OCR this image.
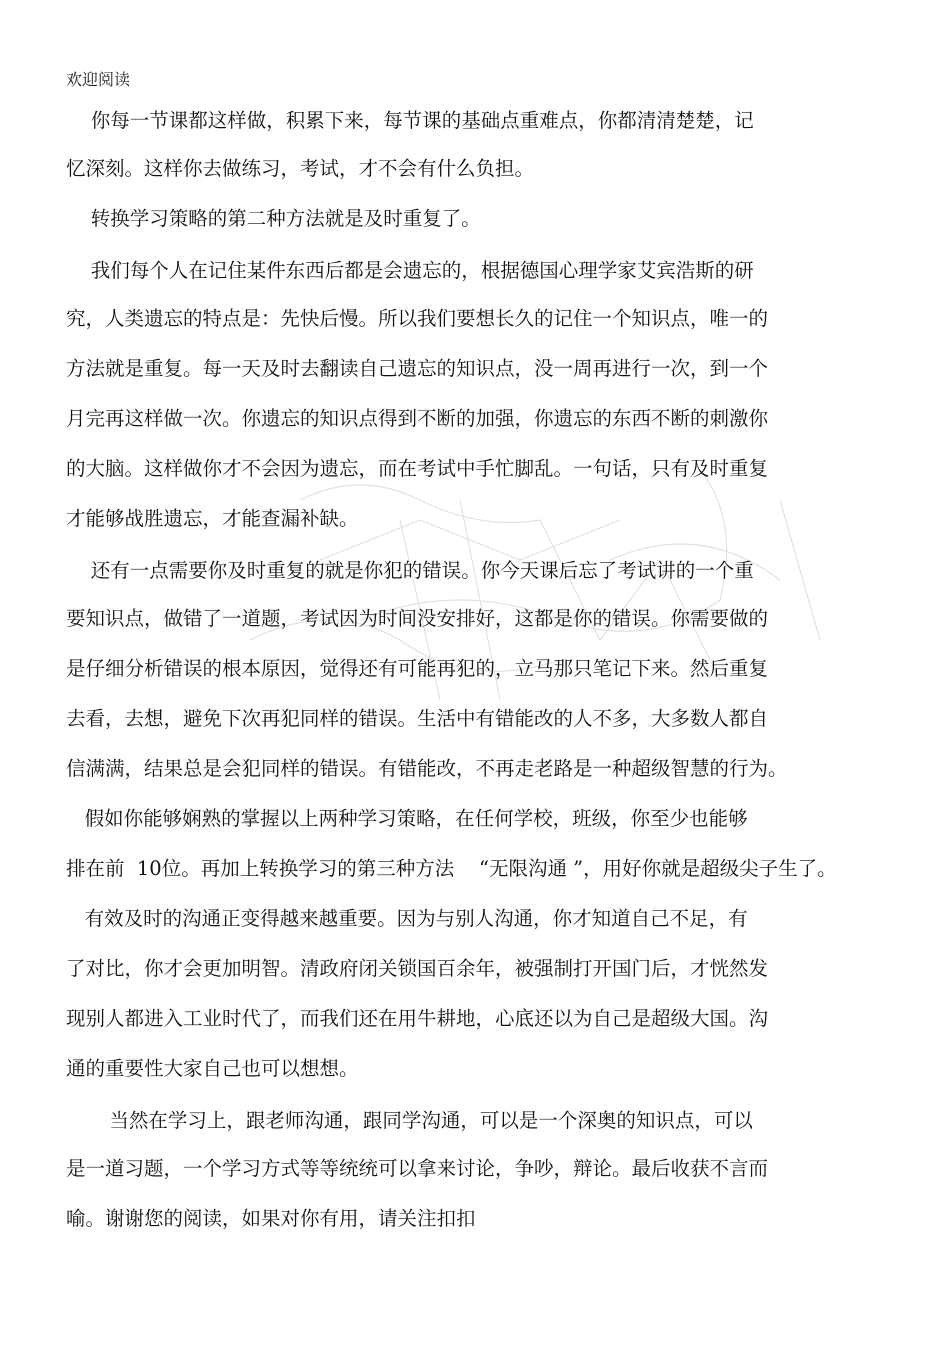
欢迎阅读
你每一节课都这样做，积累下来，每节课的基础点重难点，你都清清楚楚，记
忆深刻。这样你去做练习，考试，才不会有什么负担。
转换学习策略的第二种方法就是及时重复了。
我们每个人在记住某件东西后都是会遗忘的，根据德国心理学家艾宾浩斯的研
究，人类遗忘的特点是：先快后慢。所以我们要想长久的记住一个知识点，唯一的
方法就是重复。每一天及时去翻读自己遗忘的知识点，没一周再进行一次，到一个
月完再这样做一次。你遗忘的知识点得到不断的加强，你遗忘的东西不断的刺激你
的大脑。这样做你才不会因为遗忘，而在考试中手忙脚乱。一句话，只有及时重复
才能够战胜遗忘，才能查漏补缺。
还有一点需要你及时重复的就是你犯的错误。你今天课后忘了考试讲的一个重
要知识点，做错了一道题，考试因为时间没安排好，这都是你的错误。你需要做的
是仔细分析错误的根本原因，觉得还有可能再犯的，立马那只笔记下来。然后重复
去看，去想，避免下次再犯同样的错误。生活中有错能改的人不多，大多数人都自
信满满，结果总是会犯同样的错误。有错能改，不再走老路是一种超级智慧的行为。
假如你能够娴熟的掌握以上两种学习策略，在任何学校，班级，你至少也能够
排在前  10位。再加上转换学习的第三种方法    “无限沟通 ”，用好你就是超级尖子生了。
有效及时的沟通正变得越来越重要。因为与别人沟通，你才知道自己不足，有
了对比，你才会更加明智。清政府闭关锁国百余年，被强制打开国门后，才恍然发
现别人都进入工业时代了，而我们还在用牛耕地，心底还以为自己是超级大国。沟
通的重要性大家自己也可以想想。
当然在学习上，跟老师沟通，跟同学沟通，可以是一个深奥的知识点，可以
是一道习题，一个学习方式等等统统可以拿来讨论，争吵，辩论。最后收获不言而
喻。谢谢您的阅读，如果对你有用，请关注扣扣
